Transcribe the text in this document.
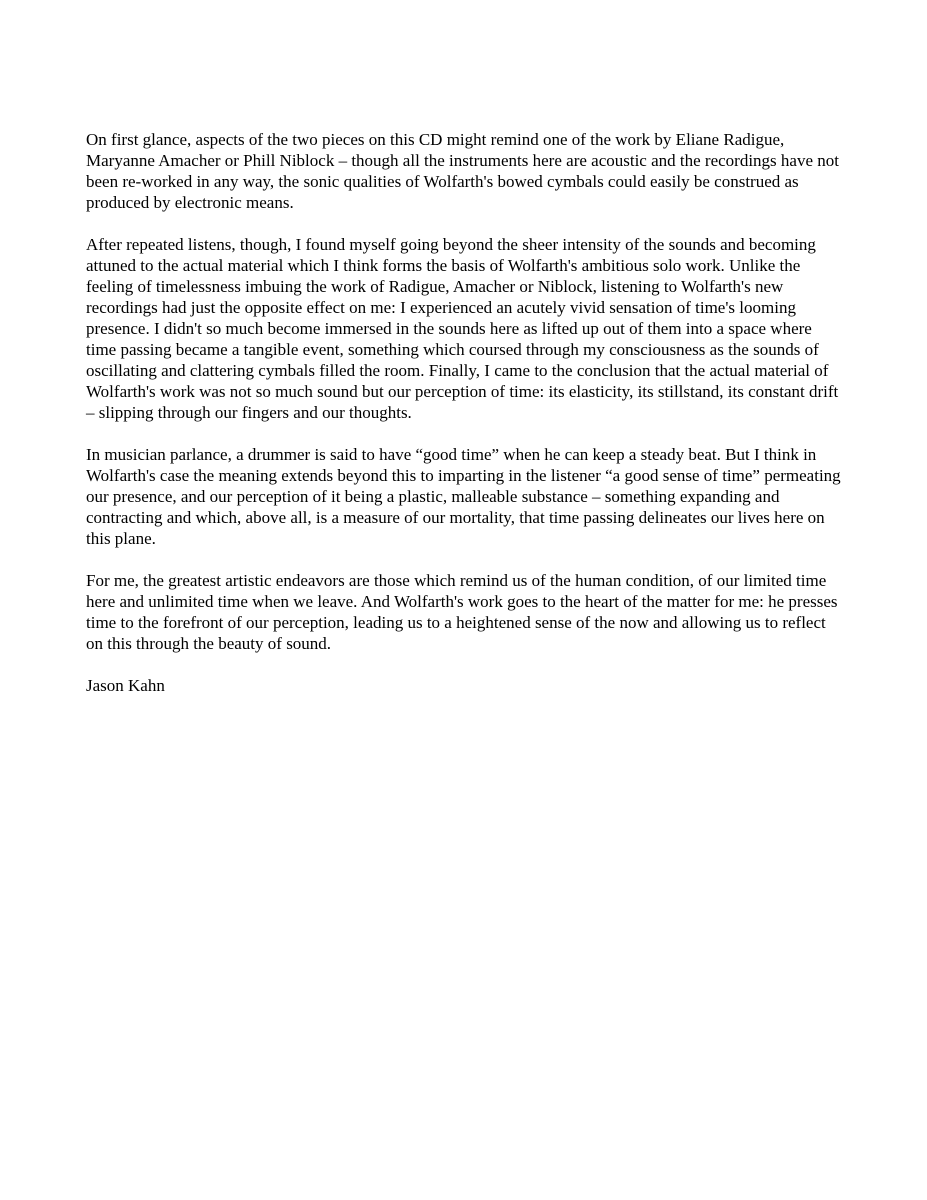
On first glance, aspects of the two pieces on this CD might remind one of the work by Eliane Radigue, Maryanne Amacher or Phill Niblock – though all the instruments here are acoustic and the recordings have not been re-worked in any way, the sonic qualities of Wolfarth's bowed cymbals could easily be construed as produced by electronic means.

After repeated listens, though, I found myself going beyond the sheer intensity of the sounds and becoming attuned to the actual material which I think forms the basis of Wolfarth's ambitious solo work. Unlike the feeling of timelessness imbuing the work of Radigue, Amacher or Niblock, listening to Wolfarth's new recordings had just the opposite effect on me: I experienced an acutely vivid sensation of time's looming presence. I didn't so much become immersed in the sounds here as lifted up out of them into a space where time passing became a tangible event, something which coursed through my consciousness as the sounds of oscillating and clattering cymbals filled the room. Finally, I came to the conclusion that the actual material of Wolfarth's work was not so much sound but our perception of time: its elasticity, its stillstand, its constant drift – slipping through our fingers and our thoughts.

In musician parlance, a drummer is said to have “good time” when he can keep a steady beat. But I think in Wolfarth's case the meaning extends beyond this to imparting in the listener “a good sense of time” permeating our presence, and our perception of it being a plastic, malleable substance – something expanding and contracting and which, above all, is a measure of our mortality, that time passing delineates our lives here on this plane.

For me, the greatest artistic endeavors are those which remind us of the human condition, of our limited time here and unlimited time when we leave. And Wolfarth's work goes to the heart of the matter for me: he presses time to the forefront of our perception, leading us to a heightened sense of the now and allowing us to reflect on this through the beauty of sound.

Jason Kahn
